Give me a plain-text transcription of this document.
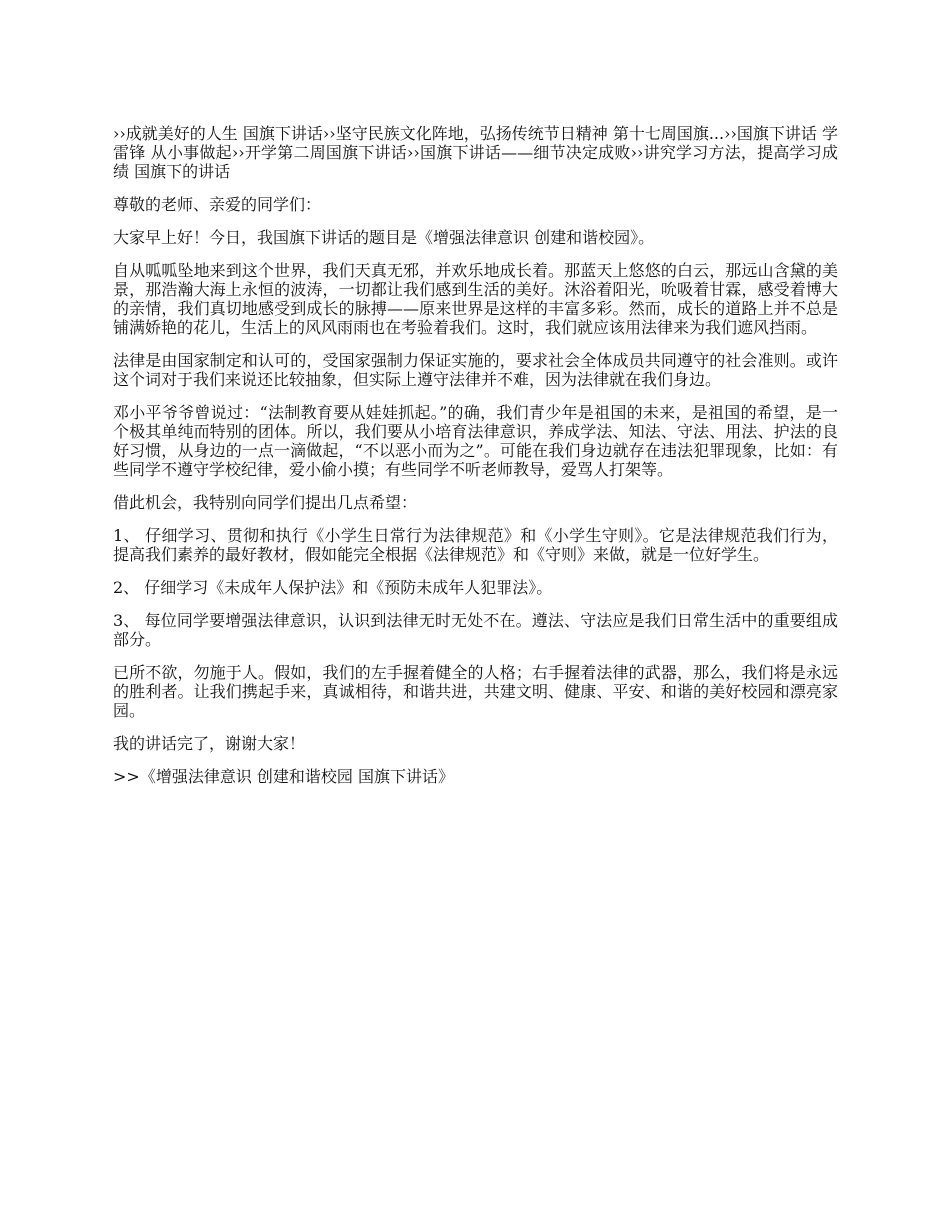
››成就美好的人生 国旗下讲话››坚守民族文化阵地，弘扬传统节日精神 第十七周国旗...››国旗下讲话 学雷锋 从小事做起››开学第二周国旗下讲话››国旗下讲话——细节决定成败››讲究学习方法，提高学习成绩 国旗下的讲话

尊敬的老师、亲爱的同学们：

大家早上好！今日，我国旗下讲话的题目是《增强法律意识 创建和谐校园》。

自从呱呱坠地来到这个世界，我们天真无邪，并欢乐地成长着。那蓝天上悠悠的白云，那远山含黛的美景，那浩瀚大海上永恒的波涛，一切都让我们感到生活的美好。沐浴着阳光，吮吸着甘霖，感受着博大的亲情，我们真切地感受到成长的脉搏——原来世界是这样的丰富多彩。然而，成长的道路上并不总是铺满娇艳的花儿，生活上的风风雨雨也在考验着我们。这时，我们就应该用法律来为我们遮风挡雨。

法律是由国家制定和认可的，受国家强制力保证实施的，要求社会全体成员共同遵守的社会准则。或许这个词对于我们来说还比较抽象，但实际上遵守法律并不难，因为法律就在我们身边。

邓小平爷爷曾说过：“法制教育要从娃娃抓起。”的确，我们青少年是祖国的未来，是祖国的希望，是一个极其单纯而特别的团体。所以，我们要从小培育法律意识，养成学法、知法、守法、用法、护法的良好习惯，从身边的一点一滴做起，“不以恶小而为之”。可能在我们身边就存在违法犯罪现象，比如：有些同学不遵守学校纪律，爱小偷小摸；有些同学不听老师教导，爱骂人打架等。

借此机会，我特别向同学们提出几点希望：

1、 仔细学习、贯彻和执行《小学生日常行为法律规范》和《小学生守则》。它是法律规范我们行为，提高我们素养的最好教材，假如能完全根据《法律规范》和《守则》来做，就是一位好学生。

2、 仔细学习《未成年人保护法》和《预防未成年人犯罪法》。

3、 每位同学要增强法律意识，认识到法律无时无处不在。遵法、守法应是我们日常生活中的重要组成部分。

已所不欲，勿施于人。假如，我们的左手握着健全的人格；右手握着法律的武器，那么，我们将是永远的胜利者。让我们携起手来，真诚相待，和谐共进，共建文明、健康、平安、和谐的美好校园和漂亮家园。

我的讲话完了，谢谢大家！

>>《增强法律意识 创建和谐校园 国旗下讲话》
